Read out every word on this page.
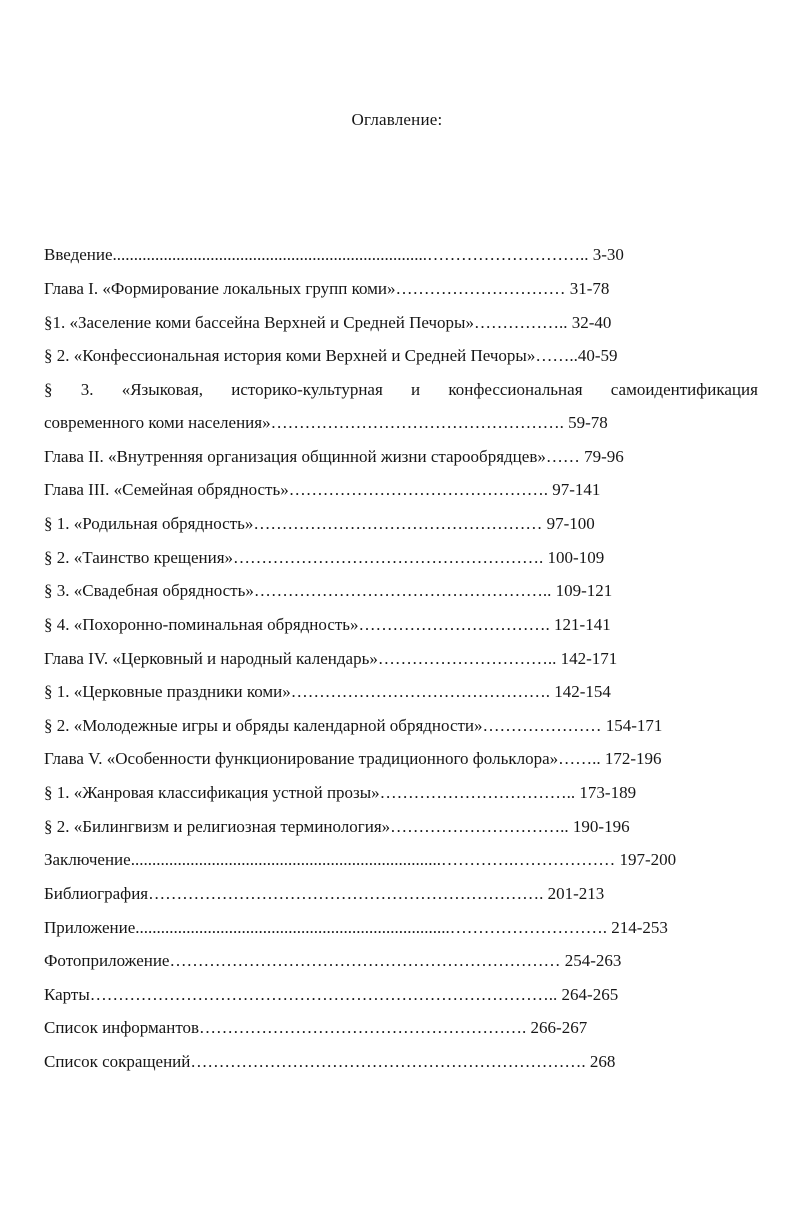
Оглавление:
Введение..........................................................................……………………….. 3-30
Глава I. «Формирование локальных групп коми»………………………… 31-78
§1. «Заселение коми бассейна Верхней и Средней Печоры»…………….. 32-40
§ 2. «Конфессиональная история коми Верхней и Средней Печоры»……..40-59
§ 3. «Языковая, историко-культурная и конфессиональная самоидентификация
современного коми населения»……………………………………………. 59-78
Глава II. «Внутренняя организация общинной жизни старообрядцев»…… 79-96
Глава III. «Семейная обрядность»………………………………………. 97-141
§ 1. «Родильная обрядность»…………………………………………… 97-100
§ 2. «Таинство крещения»………………………………………………. 100-109
§ 3. «Свадебная обрядность»…………………………………………….. 109-121
§ 4. «Похоронно-поминальная обрядность»……………………………. 121-141
Глава IV. «Церковный и народный календарь»………………………….. 142-171
§ 1. «Церковные праздники коми»………………………………………. 142-154
§ 2. «Молодежные игры и обряды календарной обрядности»………………… 154-171
Глава V. «Особенности функционирование традиционного фольклора»…….. 172-196
§ 1. «Жанровая классификация устной прозы»…………………………….. 173-189
§ 2. «Билингвизм и религиозная терминология»………………………….. 190-196
Заключение.........................................................................………….……………… 197-200
Библиография……………………………………………………………. 201-213
Приложение..........................................................................………………………. 214-253
Фотоприложение…………………………………………………………… 254-263
Карты……………………………………………………………………….. 264-265
Список информантов…………………………………………………. 266-267
Список сокращений……………………………………………………………. 268
